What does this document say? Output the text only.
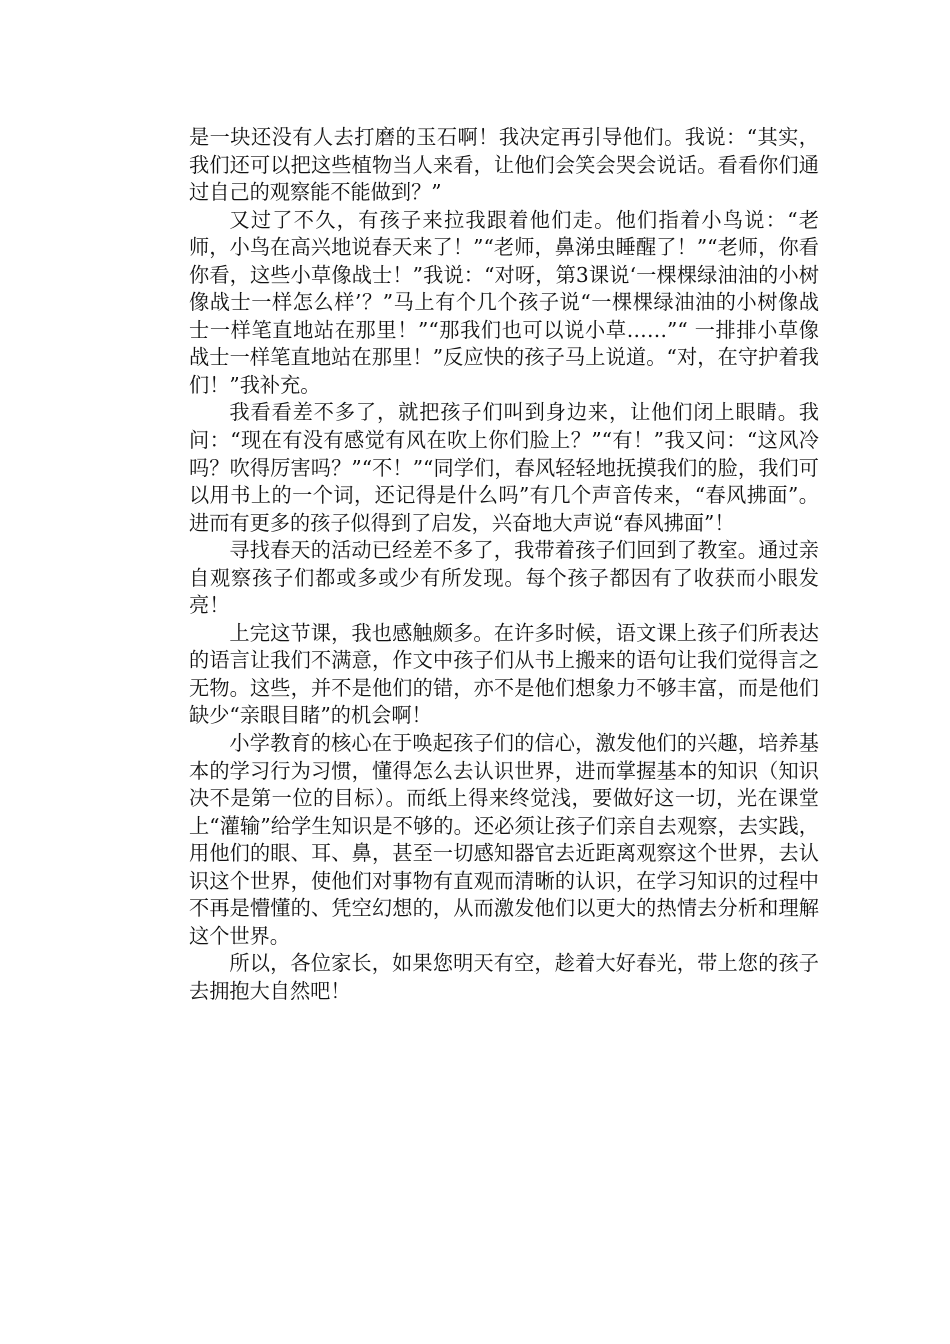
是一块还没有人去打磨的玉石啊！我决定再引导他们。我说：“其实，我们还可以把这些植物当人来看，让他们会笑会哭会说话。看看你们通过自己的观察能不能做到？”

又过了不久，有孩子来拉我跟着他们走。他们指着小鸟说：“老师，小鸟在高兴地说春天来了！”“老师，鼻涕虫睡醒了！”“老师，你看你看，这些小草像战士！”我说：“对呀，第3课说‘一棵棵绿油油的小树像战士一样怎么样’？”马上有个几个孩子说“一棵棵绿油油的小树像战士一样笔直地站在那里！”“那我们也可以说小草……”“ 一排排小草像战士一样笔直地站在那里！”反应快的孩子马上说道。“对，在守护着我们！”我补充。

我看看差不多了，就把孩子们叫到身边来，让他们闭上眼睛。我问：“现在有没有感觉有风在吹上你们脸上？”“有！”我又问：“这风冷吗？吹得厉害吗？”“不！”“同学们，春风轻轻地抚摸我们的脸，我们可以用书上的一个词，还记得是什么吗”有几个声音传来，“春风拂面”。进而有更多的孩子似得到了启发，兴奋地大声说“春风拂面”！

寻找春天的活动已经差不多了，我带着孩子们回到了教室。通过亲自观察孩子们都或多或少有所发现。每个孩子都因有了收获而小眼发亮！

上完这节课，我也感触颇多。在许多时候，语文课上孩子们所表达的语言让我们不满意，作文中孩子们从书上搬来的语句让我们觉得言之无物。这些，并不是他们的错，亦不是他们想象力不够丰富，而是他们缺少“亲眼目睹”的机会啊！

小学教育的核心在于唤起孩子们的信心，激发他们的兴趣，培养基本的学习行为习惯，懂得怎么去认识世界，进而掌握基本的知识（知识决不是第一位的目标）。而纸上得来终觉浅，要做好这一切，光在课堂上“灌输”给学生知识是不够的。还必须让孩子们亲自去观察，去实践，用他们的眼、耳、鼻，甚至一切感知器官去近距离观察这个世界，去认识这个世界，使他们对事物有直观而清晰的认识，在学习知识的过程中不再是懵懂的、凭空幻想的，从而激发他们以更大的热情去分析和理解这个世界。

所以，各位家长，如果您明天有空，趁着大好春光，带上您的孩子去拥抱大自然吧！
